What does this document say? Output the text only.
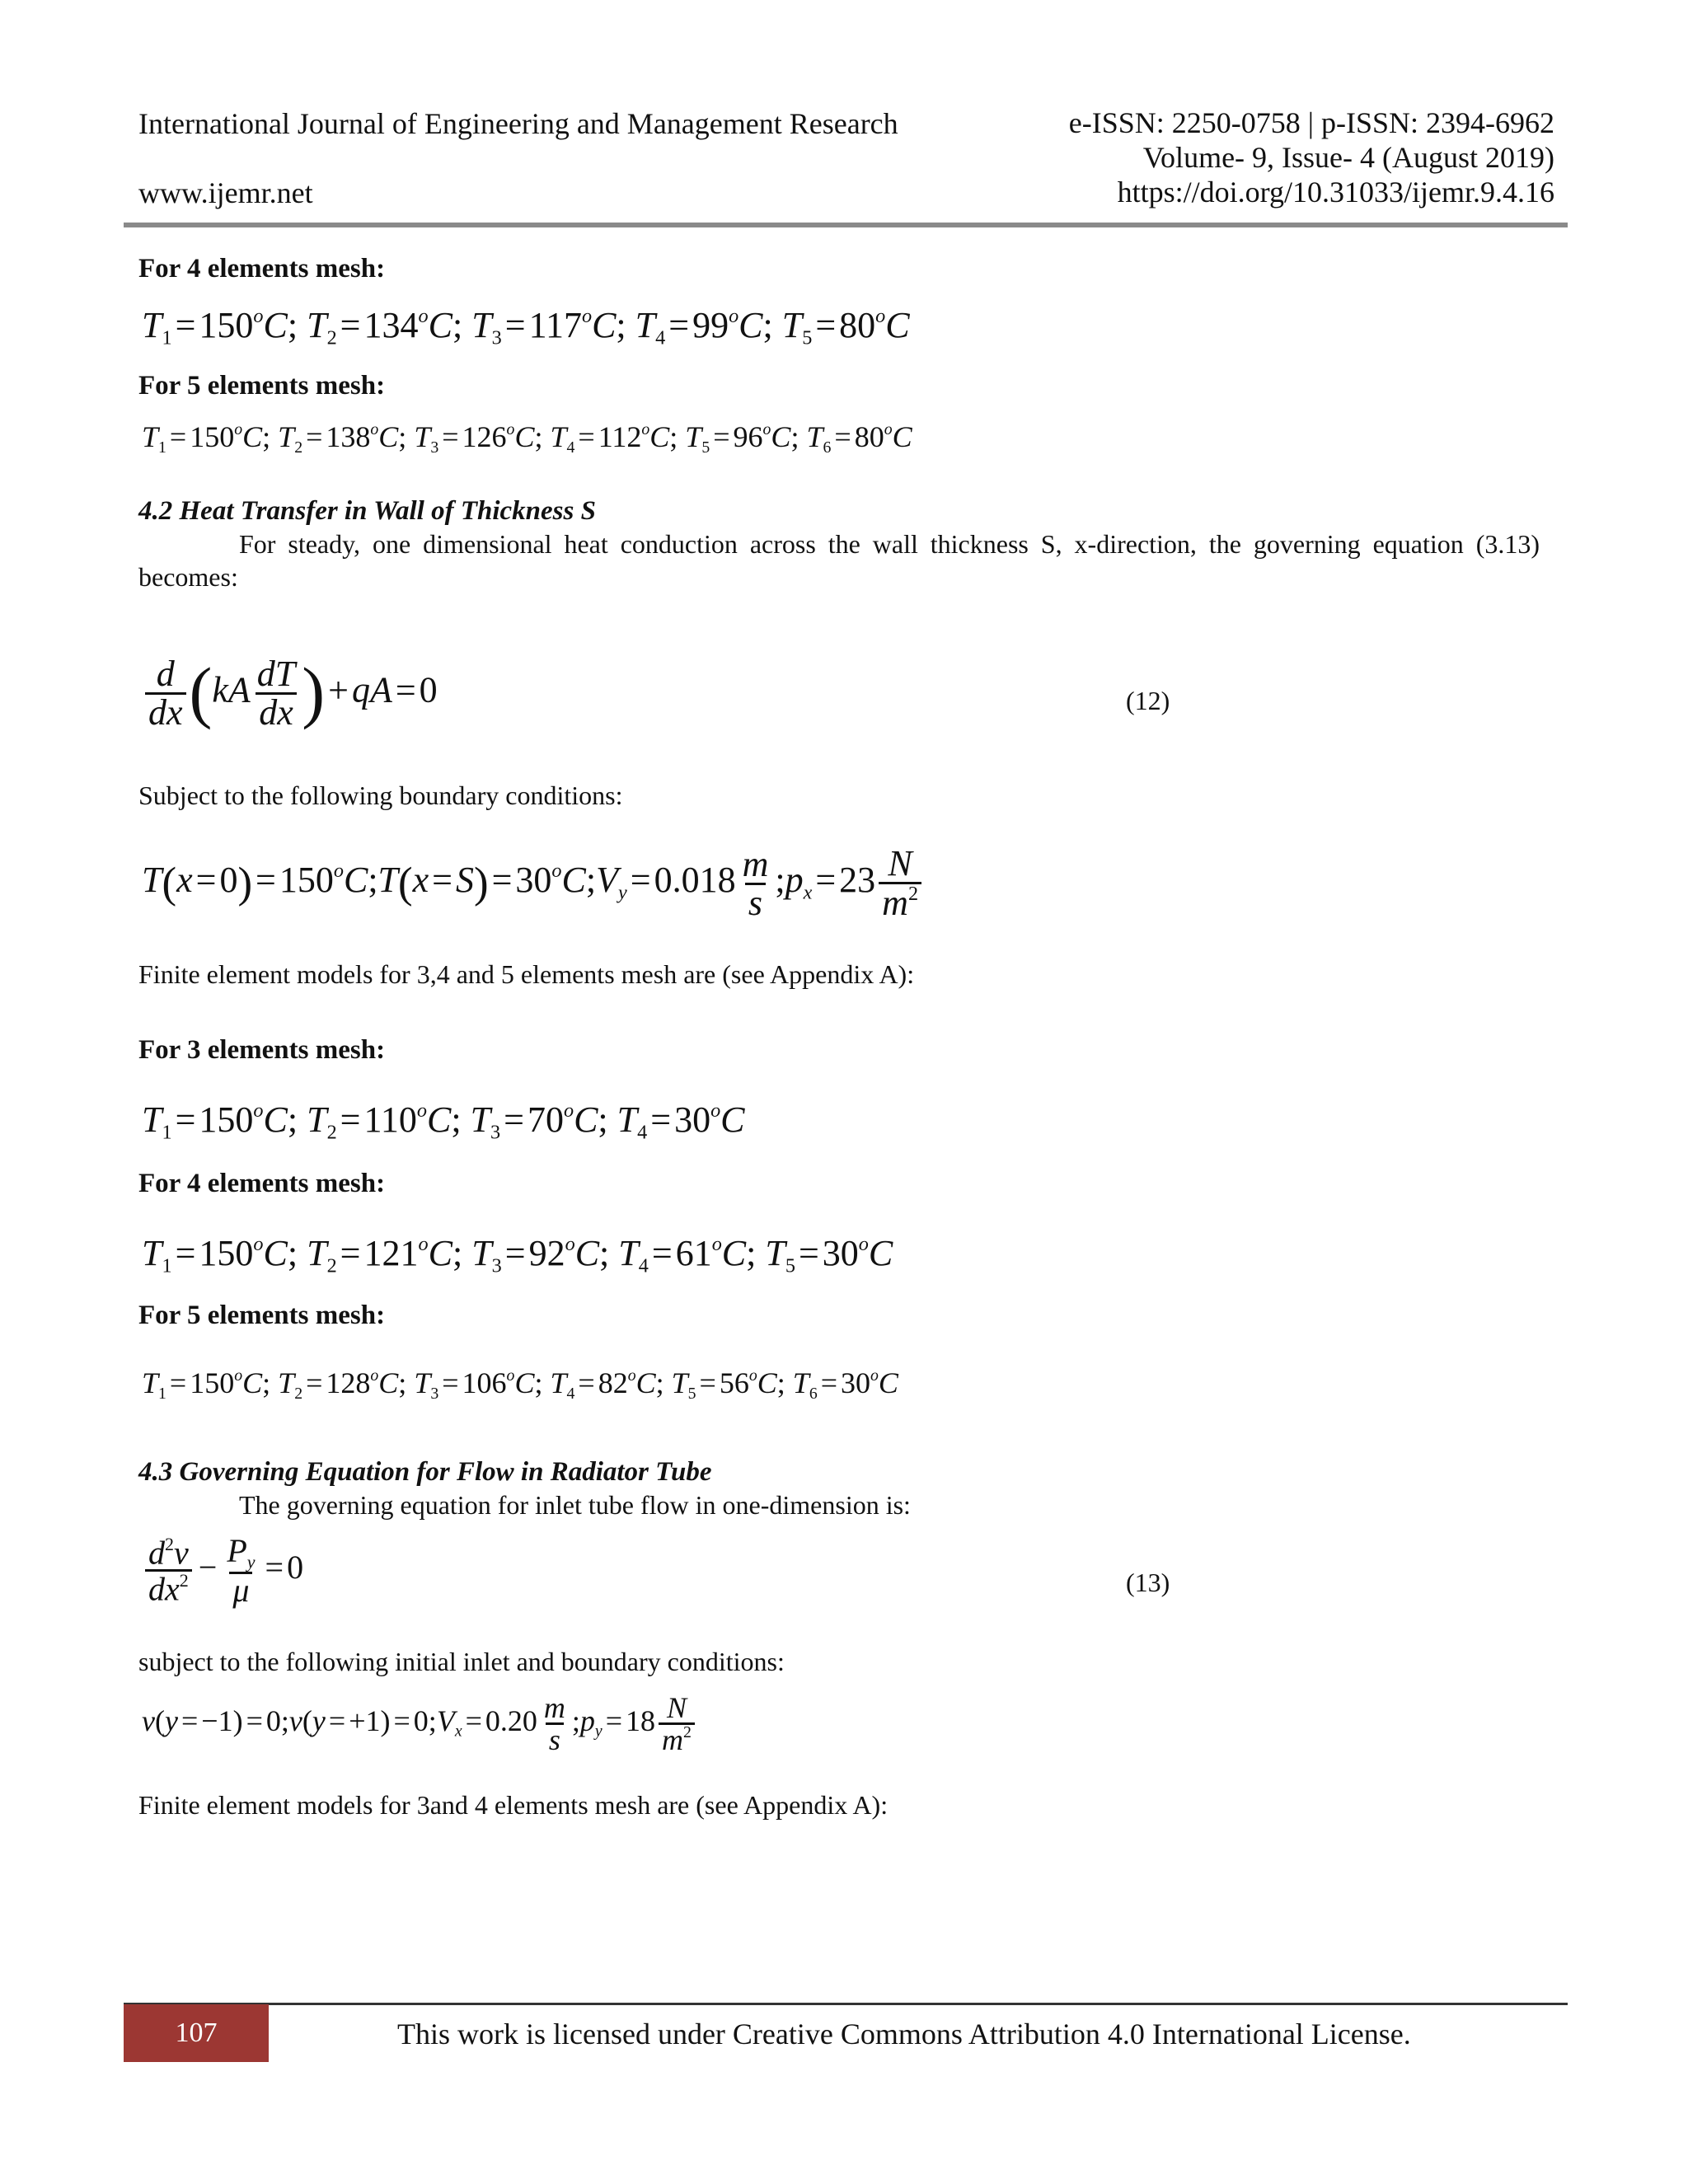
International Journal of Engineering and Management Research
www.ijemr.net
e-ISSN: 2250-0758 | p-ISSN: 2394-6962
Volume- 9, Issue- 4 (August 2019)
https://doi.org/10.31033/ijemr.9.4.16
For 4 elements mesh:
$T_1=150^oC$; $T_2=134^oC$; $T_3=117^oC$; $T_4=99^oC$; $T_5=80^oC$
For 5 elements mesh:
$T_1 = 150^oC$; $T_2 = 138^oC$; $T_3 = 126^oC$; $T_4 = 112^oC$; $T_5 = 96^oC$; $T_6 = 80^oC$
4.2 Heat Transfer in Wall of Thickness S
For steady, one dimensional heat conduction across the wall thickness S, x-direction, the governing equation (3.13) becomes:
$\frac{d}{dx} (kA \frac{dT}{dx} )+qA=0$	(12)
Subject to the following boundary conditions:
$T(x=0)=150^oC;T(x=S)=30^oC;V_y=0.018 \frac{m}{s}$ $;p_x=23 \frac{N}{m^2}$
Finite element models for 3,4 and 5 elements mesh are (see Appendix A):
For 3 elements mesh:
$T_1=150^oC$; $T_2=110^oC$; $T_3=70^oC$; $T_4=30^oC$
For 4 elements mesh:
$T_1=150^oC$; $T_2=121^oC$; $T_3=92^oC$; $T_4=61^oC$; $T_5=30^oC$
For 5 elements mesh:
$T_1 = 150^oC$; $T_2 = 128^oC$; $T_3 = 106^oC$; $T_4 = 82^oC$; $T_5 = 56^oC$; $T_6 = 30^oC$
4.3 Governing Equation for Flow in Radiator Tube
The governing equation for inlet tube flow in one-dimension is:
$\frac{d^2v}{dx^2} - \frac{P_y}{\mu} = 0$	(13)
subject to the following initial inlet and boundary conditions:
v(y = −1) = 0;v(y = $+1) = 0;V_x = 0.20 \frac{m}{s}$ $;p_y = 18 \frac{N}{m^2}$
Finite element models for 3and 4 elements mesh are (see Appendix A):
107	This work is licensed under Creative Commons Attribution 4.0 International License.
